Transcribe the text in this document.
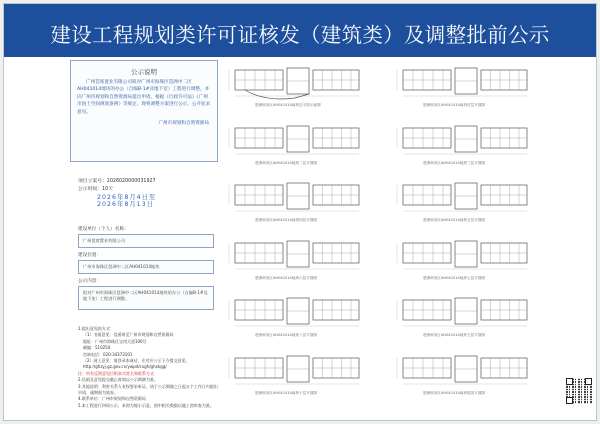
建设工程规划类许可证核发（建筑类）及调整批前公示
公示说明
广州琶席置业有限公司拟对广州市海珠区琶洲中二区AH041014地块的办公（自编B-1#及地下室）工程进行调整，并向广州市规划和自然资源局提出申请。根据《行政许可法》《广州市国土空间规划条例》等规定，现将调整方案进行公示，公开征求意见。
广州市规划和自然资源局
项目立案号：2026020000031927
公示时间：10天
2026年8月4日至
2026年8月13日
建设单位（个人）名称：
广州琶席置业有限公司
建设位置：
广州市海珠区琶洲中二区AH041014地块
公示内容：
拟对广州市海珠区琶洲中二区AH041014地块的办公（自编B-1#及地下室）工程进行调整。
1.提出意见的方式：
（1）书面意见：信函寄至广州市规划和自然资源局
地址：广州市海珠区宝岗大道106号
邮编：510250
咨询电话：020-34373101
（2）网上意见：请登录本网站，在对应公示下方提交意见。
http://ghzyj.gz.gov.cn/ywpd/cxgh/ghxkgg/
注：所有反馈意见应附真实姓名和联系方式
2.信函及意见提交截止时间以公示期满为准。
3.其他说明：利害关系人有权要求听证，请于公示期满之日起五个工作日内提出申请，逾期视为放弃。
4.联系单位：广州市规划和自然资源局
5.本工程进行四周公示，本图为缩小示意，图中相关数据以施工图审查为准。
琶洲商务区AH041014地块总平面示意图	琶洲商务区AH041014地块首层平面图
琶洲商务区AH041014地块二层平面图	琶洲商务区AH041014地块三层平面图
琶洲商务区AH041014地块四层平面图	琶洲商务区AH041014地块五层平面图
琶洲商务区AH041014地块六层平面图	琶洲商务区AH041014地块七层平面图
琶洲商务区AH041014地块八层平面图	琶洲商务区AH041014地块九层平面图
琶洲商务区AH041014地块十层平面图	琶洲商务区AH041014地块屋顶平面图
